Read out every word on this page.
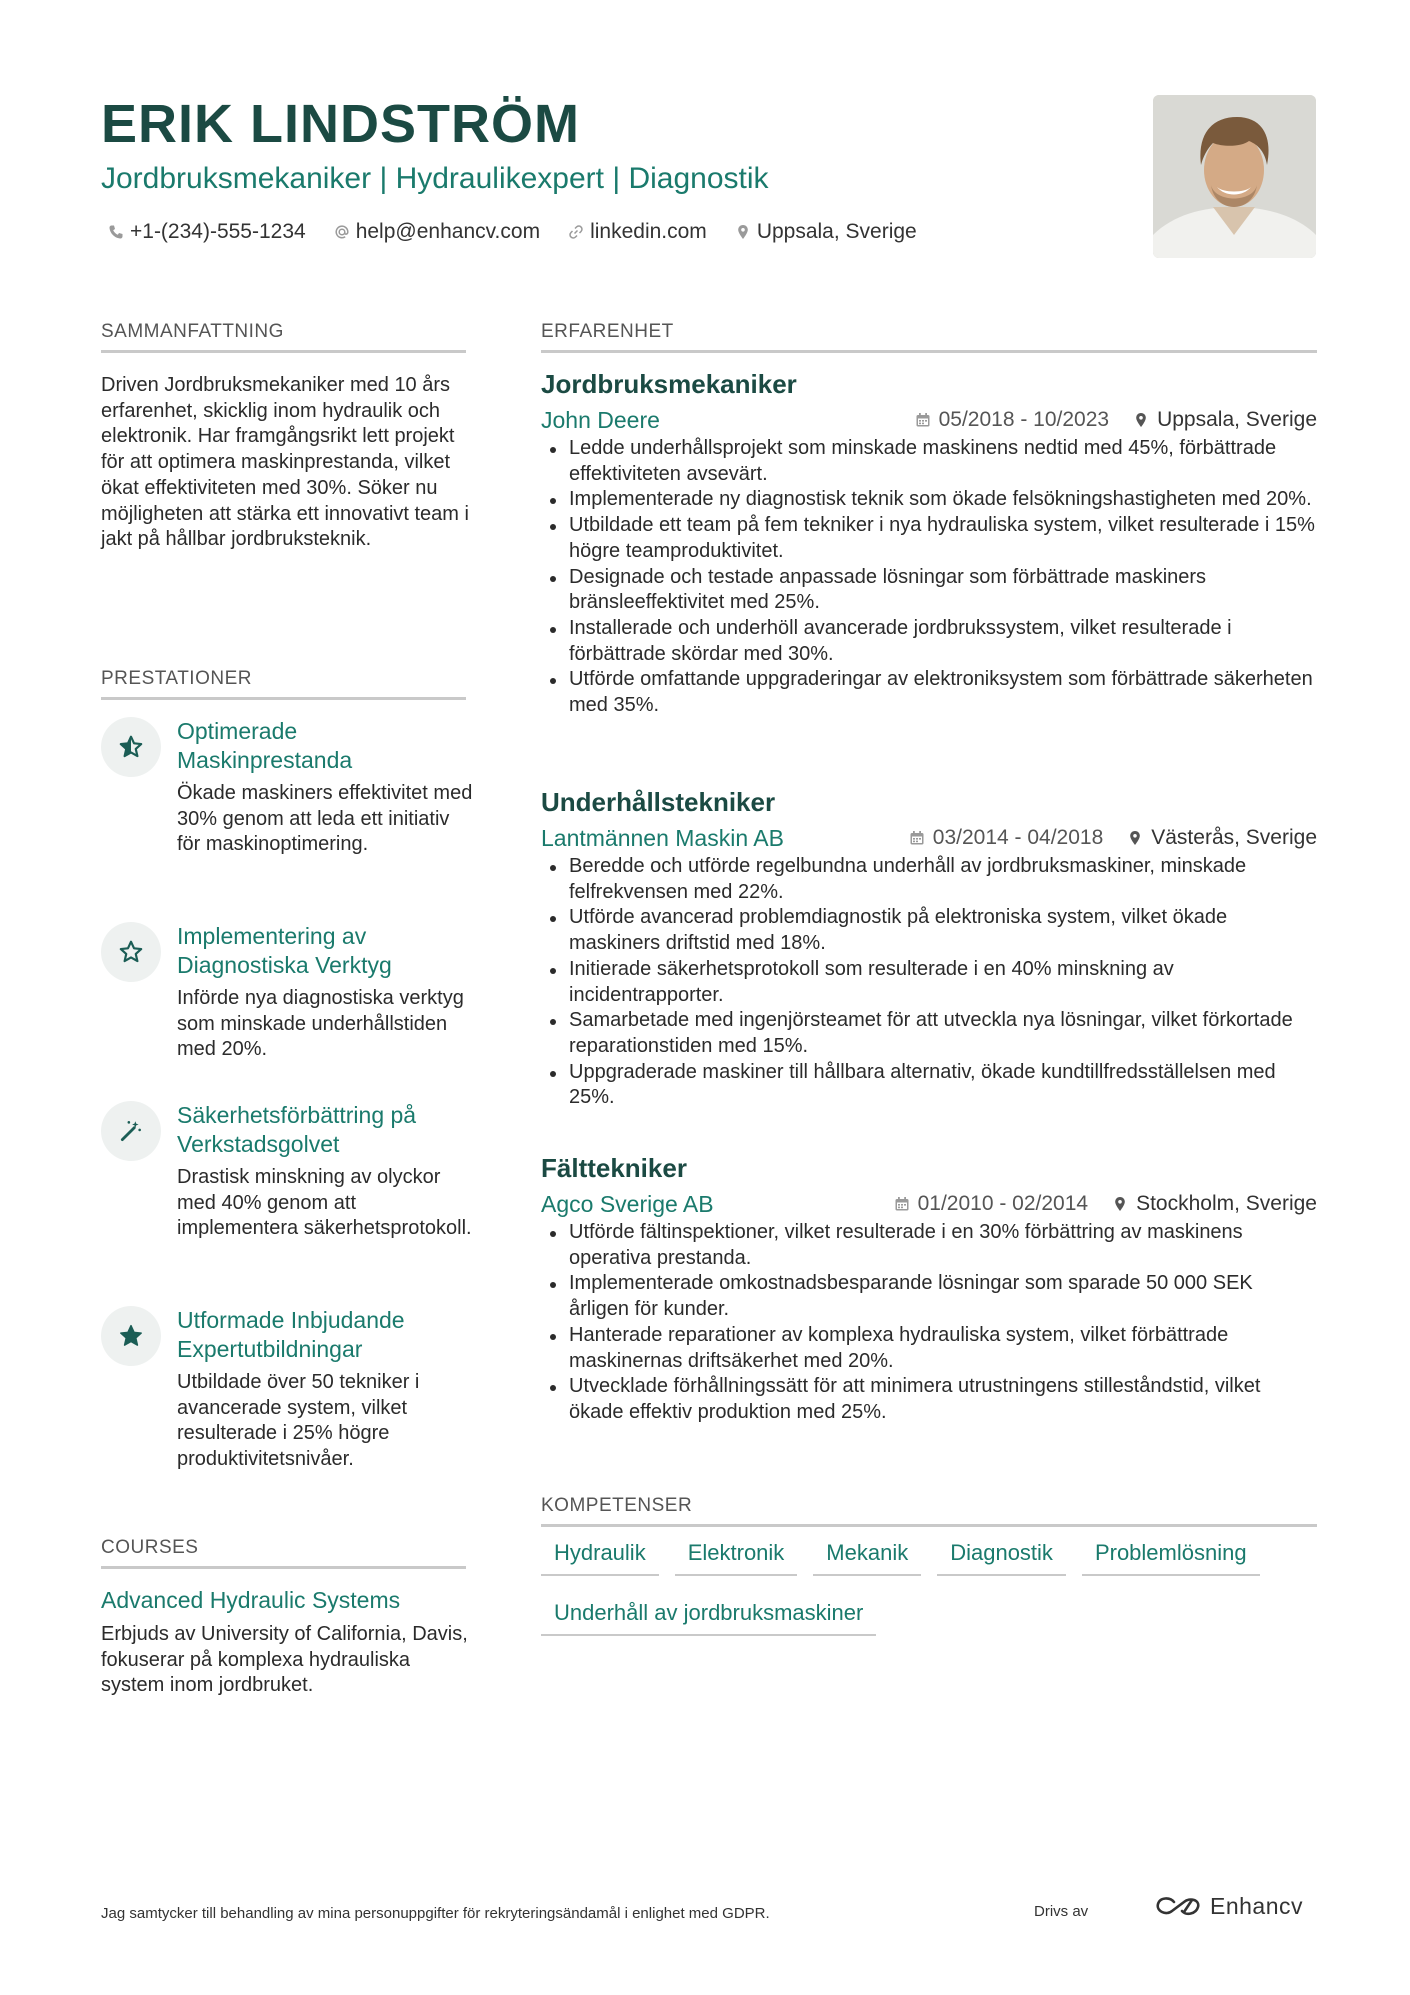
ERIK LINDSTRÖM
Jordbruksmekaniker | Hydraulikexpert | Diagnostik
+1-(234)-555-1234 help@enhancv.com linkedin.com Uppsala, Sverige
SAMMANFATTNING
Driven Jordbruksmekaniker med 10 års erfarenhet, skicklig inom hydraulik och elektronik. Har framgångsrikt lett projekt för att optimera maskinprestanda, vilket ökat effektiviteten med 30%. Söker nu möjligheten att stärka ett innovativt team i jakt på hållbar jordbruksteknik.
PRESTATIONER
Optimerade Maskinprestanda
Ökade maskiners effektivitet med 30% genom att leda ett initiativ för maskinoptimering.
Implementering av Diagnostiska Verktyg
Införde nya diagnostiska verktyg som minskade underhållstiden med 20%.
Säkerhetsförbättring på Verkstadsgolvet
Drastisk minskning av olyckor med 40% genom att implementera säkerhetsprotokoll.
Utformade Inbjudande Expertutbildningar
Utbildade över 50 tekniker i avancerade system, vilket resulterade i 25% högre produktivitetsnivåer.
COURSES
Advanced Hydraulic Systems
Erbjuds av University of California, Davis, fokuserar på komplexa hydrauliska system inom jordbruket.
ERFARENHET
Jordbruksmekaniker
John Deere	05/2018 - 10/2023 Uppsala, Sverige
Ledde underhållsprojekt som minskade maskinens nedtid med 45%, förbättrade effektiviteten avsevärt.
Implementerade ny diagnostisk teknik som ökade felsökningshastigheten med 20%.
Utbildade ett team på fem tekniker i nya hydrauliska system, vilket resulterade i 15% högre teamproduktivitet.
Designade och testade anpassade lösningar som förbättrade maskiners bränsleeffektivitet med 25%.
Installerade och underhöll avancerade jordbrukssystem, vilket resulterade i förbättrade skördar med 30%.
Utförde omfattande uppgraderingar av elektroniksystem som förbättrade säkerheten med 35%.
Underhållstekniker
Lantmännen Maskin AB	03/2014 - 04/2018 Västerås, Sverige
Beredde och utförde regelbundna underhåll av jordbruksmaskiner, minskade felfrekvensen med 22%.
Utförde avancerad problemdiagnostik på elektroniska system, vilket ökade maskiners driftstid med 18%.
Initierade säkerhetsprotokoll som resulterade i en 40% minskning av incidentrapporter.
Samarbetade med ingenjörsteamet för att utveckla nya lösningar, vilket förkortade reparationstiden med 15%.
Uppgraderade maskiner till hållbara alternativ, ökade kundtillfredsställelsen med 25%.
Fälttekniker
Agco Sverige AB	01/2010 - 02/2014 Stockholm, Sverige
Utförde fältinspektioner, vilket resulterade i en 30% förbättring av maskinens operativa prestanda.
Implementerade omkostnadsbesparande lösningar som sparade 50 000 SEK årligen för kunder.
Hanterade reparationer av komplexa hydrauliska system, vilket förbättrade maskinernas driftsäkerhet med 20%.
Utvecklade förhållningssätt för att minimera utrustningens stilleståndstid, vilket ökade effektiv produktion med 25%.
KOMPETENSER
Hydraulik	Elektronik	Mekanik	Diagnostik	Problemlösning
Underhåll av jordbruksmaskiner
Jag samtycker till behandling av mina personuppgifter för rekryteringsändamål i enlighet med GDPR.	Drivs av	Enhancv
